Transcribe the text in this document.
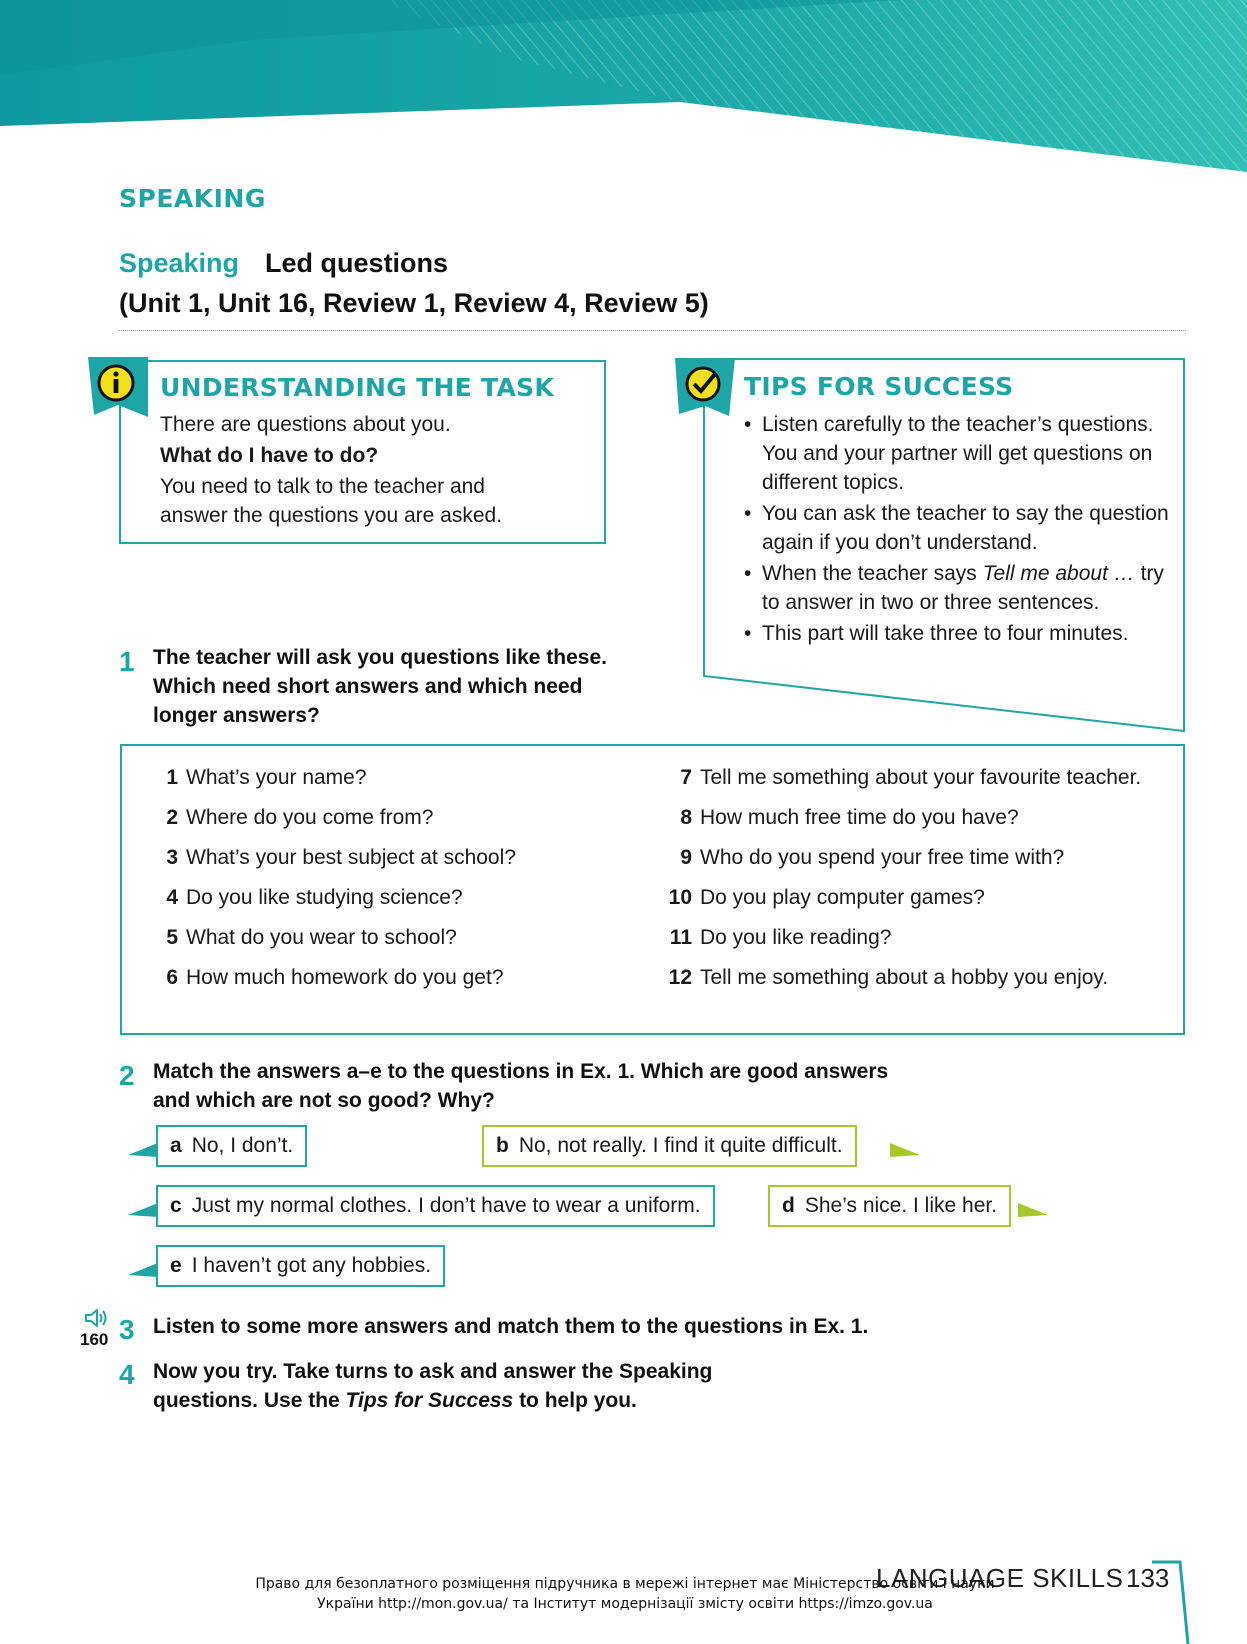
SPEAKING
Speaking Led questions
(Unit 1, Unit 16, Review 1, Review 4, Review 5)
UNDERSTANDING THE TASK
There are questions about you.
What do I have to do?
You need to talk to the teacher and
answer the questions you are asked.
TIPS FOR SUCCESS
• Listen carefully to the teacher’s questions. You and your partner will get questions on different topics.
• You can ask the teacher to say the question again if you don’t understand.
• When the teacher says Tell me about … try to answer in two or three sentences.
• This part will take three to four minutes.
1 The teacher will ask you questions like these.
Which need short answers and which need
longer answers?
1 What’s your name?
2 Where do you come from?
3 What’s your best subject at school?
4 Do you like studying science?
5 What do you wear to school?
6 How much homework do you get?
7 Tell me something about your favourite teacher.
8 How much free time do you have?
9 Who do you spend your free time with?
10 Do you play computer games?
11 Do you like reading?
12 Tell me something about a hobby you enjoy.
2 Match the answers a–e to the questions in Ex. 1. Which are good answers
and which are not so good? Why?
a No, I don’t.	b No, not really. I find it quite difficult.
c Just my normal clothes. I don’t have to wear a uniform.	d She’s nice. I like her.
e I haven’t got any hobbies.
160 3 Listen to some more answers and match them to the questions in Ex. 1.
4 Now you try. Take turns to ask and answer the Speaking
questions. Use the Tips for Success to help you.
LANGUAGE SKILLS 133
Право для безоплатного розміщення підручника в мережі інтернет має Міністерство освіти і науки
України http://mon.gov.ua/ та Інститут модернізації змісту освіти https://imzo.gov.ua
